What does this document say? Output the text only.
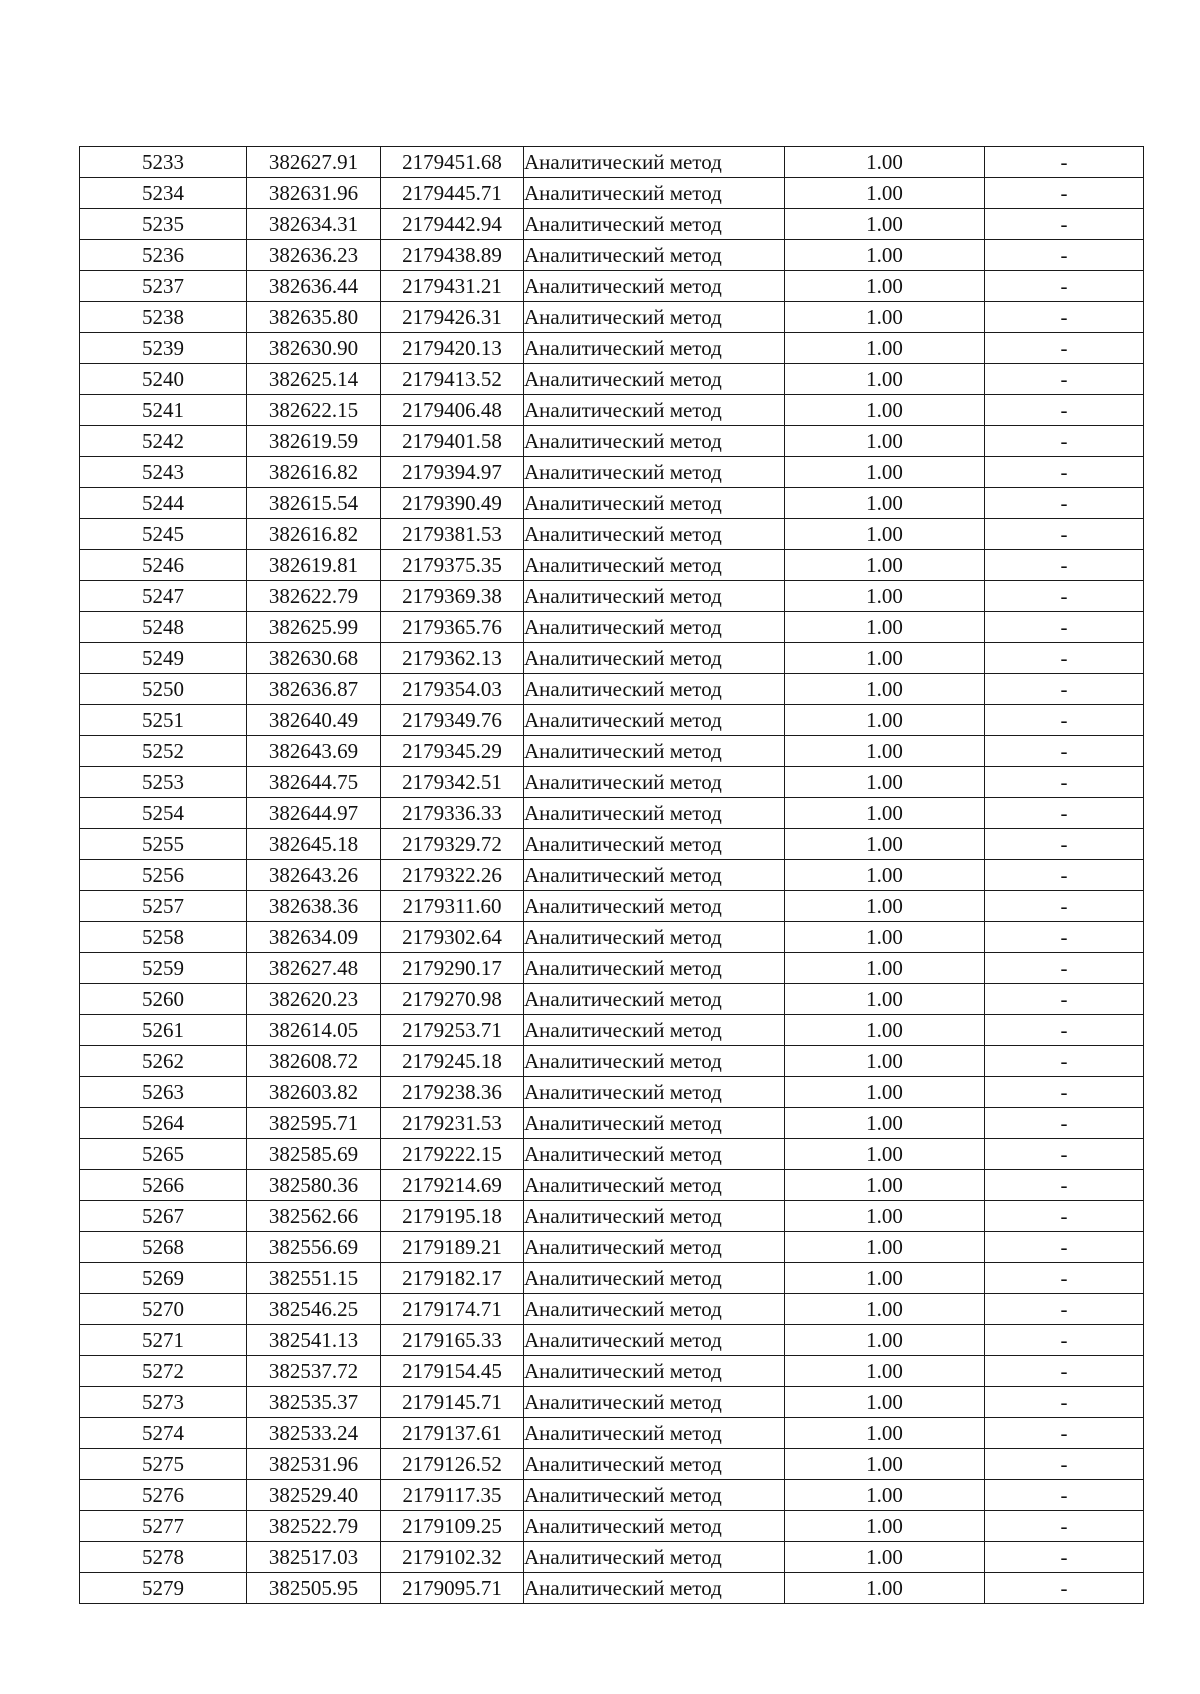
5233	382627.91	2179451.68	Аналитический метод	1.00	-
5234	382631.96	2179445.71	Аналитический метод	1.00	-
5235	382634.31	2179442.94	Аналитический метод	1.00	-
5236	382636.23	2179438.89	Аналитический метод	1.00	-
5237	382636.44	2179431.21	Аналитический метод	1.00	-
5238	382635.80	2179426.31	Аналитический метод	1.00	-
5239	382630.90	2179420.13	Аналитический метод	1.00	-
5240	382625.14	2179413.52	Аналитический метод	1.00	-
5241	382622.15	2179406.48	Аналитический метод	1.00	-
5242	382619.59	2179401.58	Аналитический метод	1.00	-
5243	382616.82	2179394.97	Аналитический метод	1.00	-
5244	382615.54	2179390.49	Аналитический метод	1.00	-
5245	382616.82	2179381.53	Аналитический метод	1.00	-
5246	382619.81	2179375.35	Аналитический метод	1.00	-
5247	382622.79	2179369.38	Аналитический метод	1.00	-
5248	382625.99	2179365.76	Аналитический метод	1.00	-
5249	382630.68	2179362.13	Аналитический метод	1.00	-
5250	382636.87	2179354.03	Аналитический метод	1.00	-
5251	382640.49	2179349.76	Аналитический метод	1.00	-
5252	382643.69	2179345.29	Аналитический метод	1.00	-
5253	382644.75	2179342.51	Аналитический метод	1.00	-
5254	382644.97	2179336.33	Аналитический метод	1.00	-
5255	382645.18	2179329.72	Аналитический метод	1.00	-
5256	382643.26	2179322.26	Аналитический метод	1.00	-
5257	382638.36	2179311.60	Аналитический метод	1.00	-
5258	382634.09	2179302.64	Аналитический метод	1.00	-
5259	382627.48	2179290.17	Аналитический метод	1.00	-
5260	382620.23	2179270.98	Аналитический метод	1.00	-
5261	382614.05	2179253.71	Аналитический метод	1.00	-
5262	382608.72	2179245.18	Аналитический метод	1.00	-
5263	382603.82	2179238.36	Аналитический метод	1.00	-
5264	382595.71	2179231.53	Аналитический метод	1.00	-
5265	382585.69	2179222.15	Аналитический метод	1.00	-
5266	382580.36	2179214.69	Аналитический метод	1.00	-
5267	382562.66	2179195.18	Аналитический метод	1.00	-
5268	382556.69	2179189.21	Аналитический метод	1.00	-
5269	382551.15	2179182.17	Аналитический метод	1.00	-
5270	382546.25	2179174.71	Аналитический метод	1.00	-
5271	382541.13	2179165.33	Аналитический метод	1.00	-
5272	382537.72	2179154.45	Аналитический метод	1.00	-
5273	382535.37	2179145.71	Аналитический метод	1.00	-
5274	382533.24	2179137.61	Аналитический метод	1.00	-
5275	382531.96	2179126.52	Аналитический метод	1.00	-
5276	382529.40	2179117.35	Аналитический метод	1.00	-
5277	382522.79	2179109.25	Аналитический метод	1.00	-
5278	382517.03	2179102.32	Аналитический метод	1.00	-
5279	382505.95	2179095.71	Аналитический метод	1.00	-
